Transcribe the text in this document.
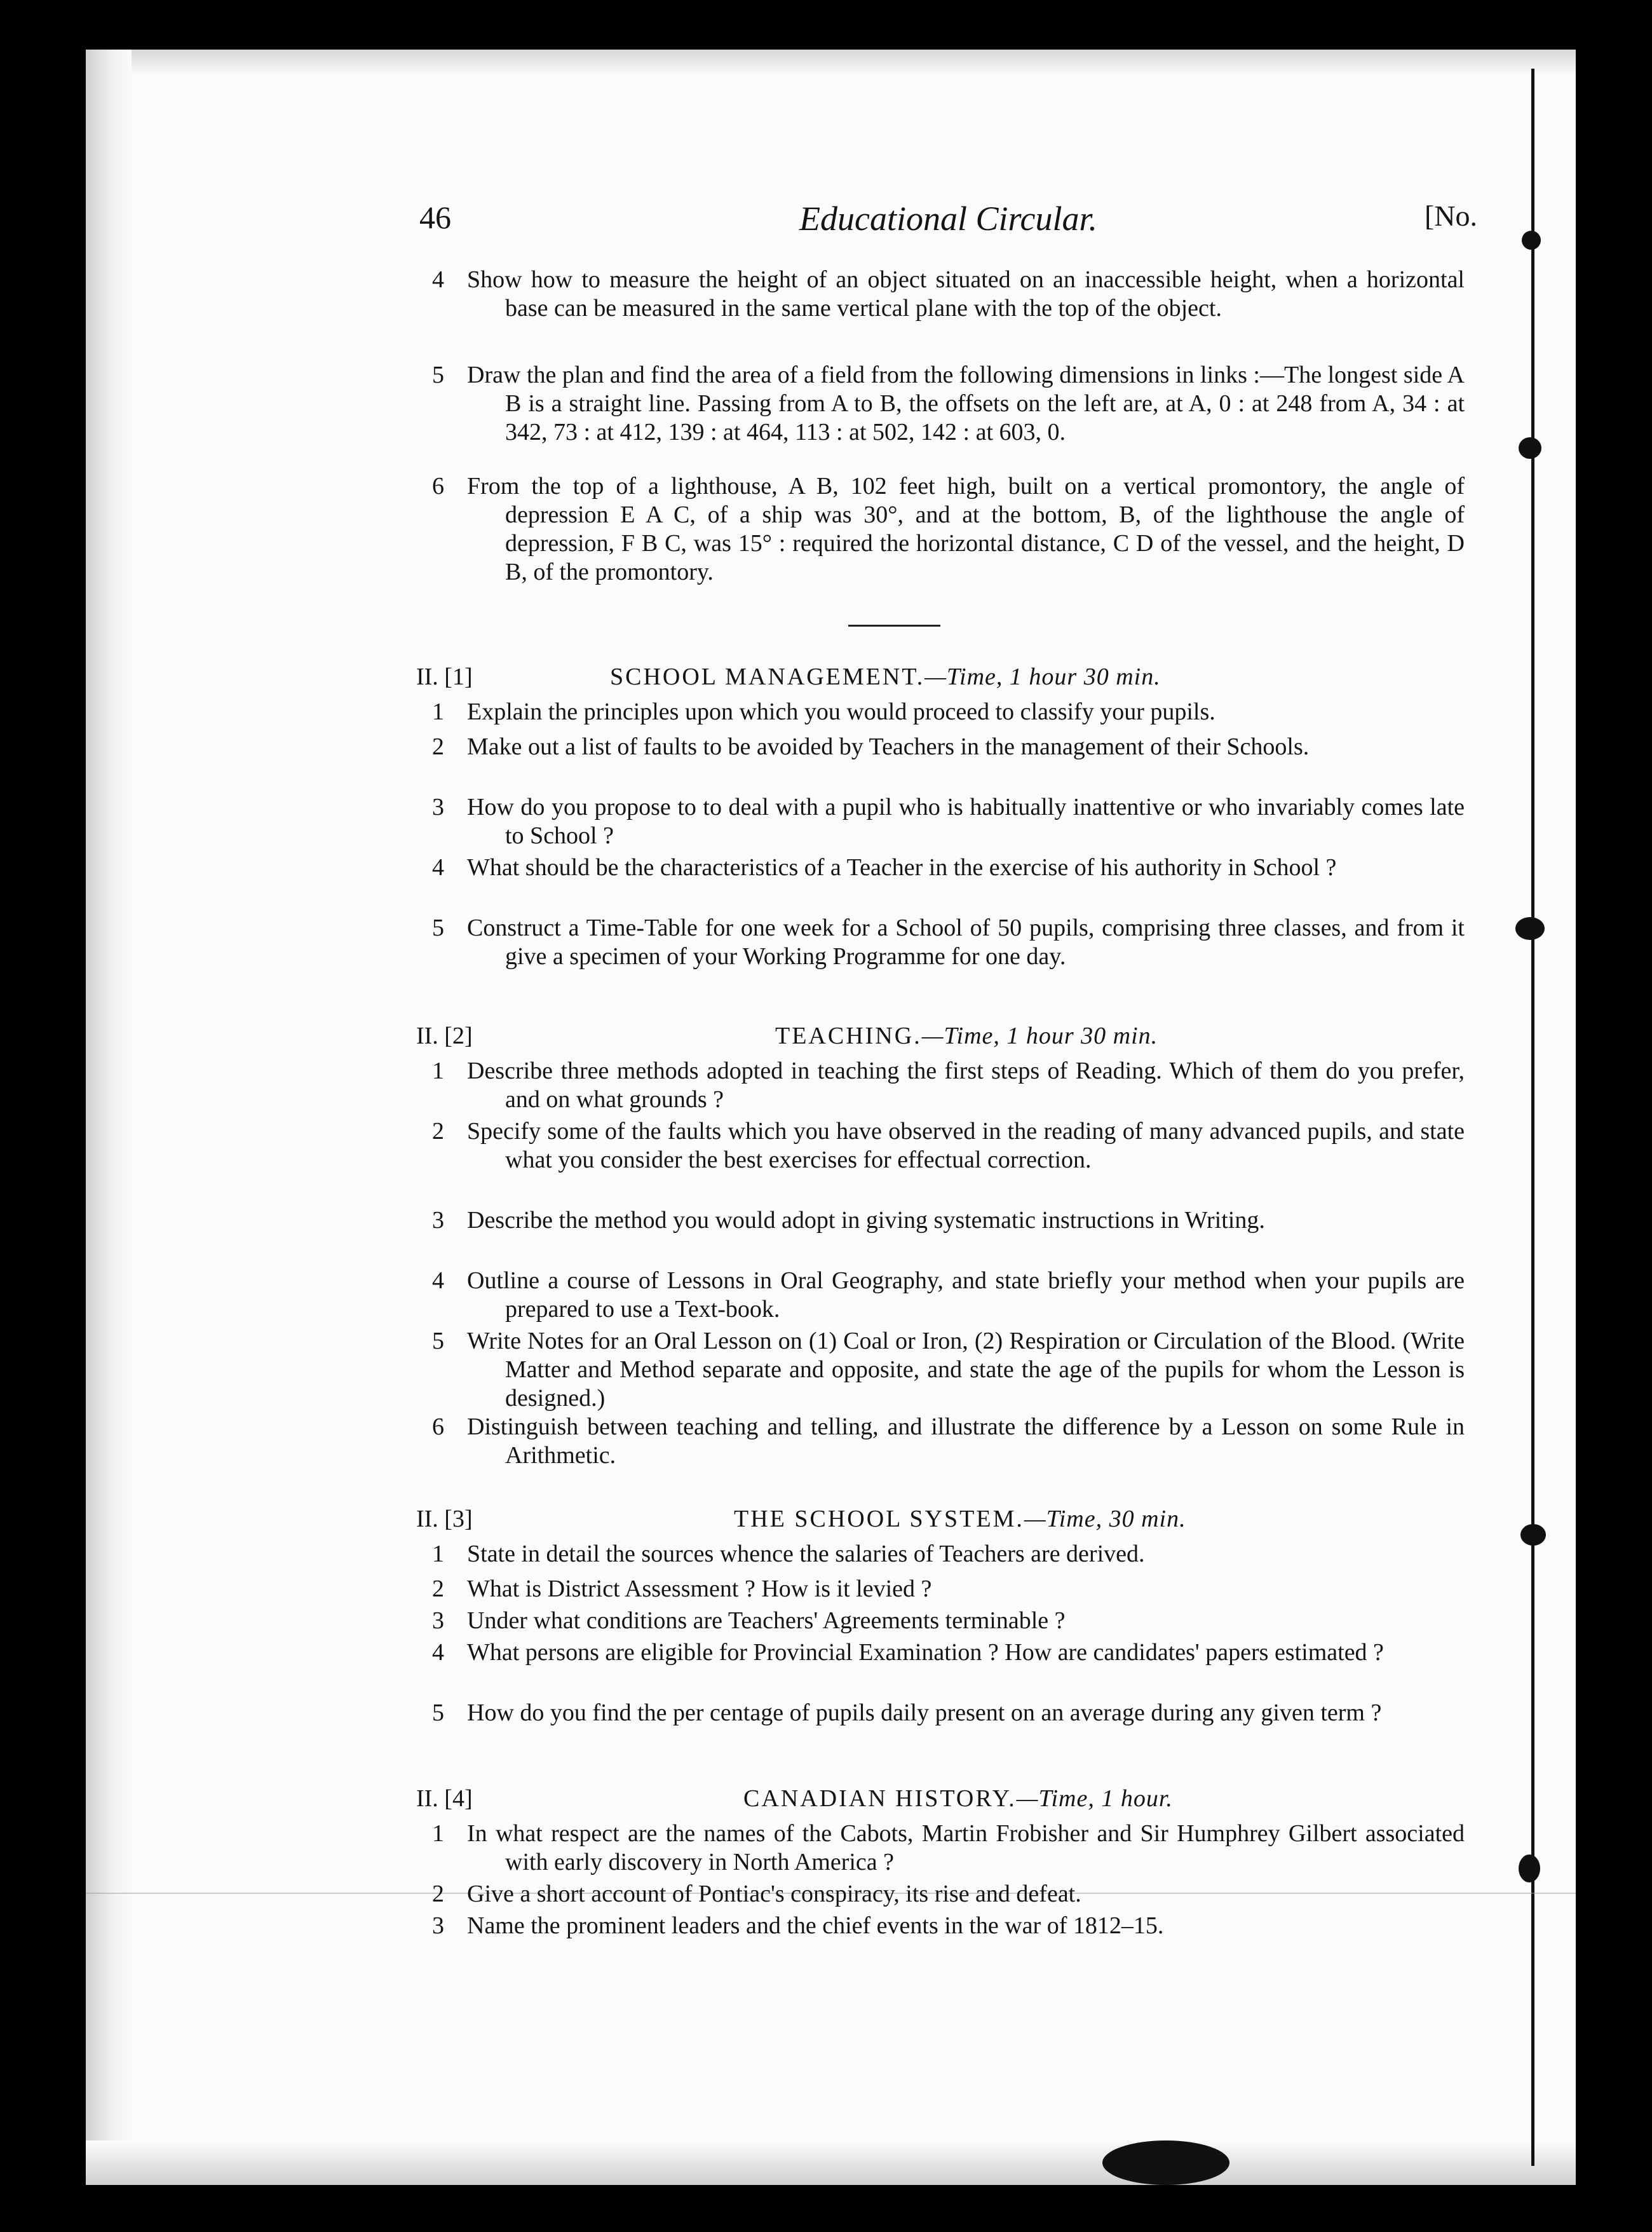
46	Educational Circular.	[No.
4 Show how to measure the height of an object situated on an inaccessible height, when a horizontal base can be measured in the same vertical plane with the top of the object.
5 Draw the plan and find the area of a field from the following dimensions in links :—The longest side A B is a straight line. Passing from A to B, the offsets on the left are, at A, 0 : at 248 from A, 34 : at 342, 73 : at 412, 139 : at 464, 113 : at 502, 142 : at 603, 0.
6 From the top of a lighthouse, A B, 102 feet high, built on a vertical promontory, the angle of depression E A C, of a ship was 30°, and at the bottom, B, of the lighthouse the angle of depression, F B C, was 15° : required the horizontal distance, C D of the vessel, and the height, D B, of the promontory.
II. [1]	SCHOOL MANAGEMENT.—Time, 1 hour 30 min.
1 Explain the principles upon which you would proceed to classify your pupils.
2 Make out a list of faults to be avoided by Teachers in the management of their Schools.
3 How do you propose to to deal with a pupil who is habitually inattentive or who invariably comes late to School ?
4 What should be the characteristics of a Teacher in the exercise of his authority in School ?
5 Construct a Time-Table for one week for a School of 50 pupils, comprising three classes, and from it give a specimen of your Working Programme for one day.
II. [2]	TEACHING.—Time, 1 hour 30 min.
1 Describe three methods adopted in teaching the first steps of Reading. Which of them do you prefer, and on what grounds ?
2 Specify some of the faults which you have observed in the reading of many advanced pupils, and state what you consider the best exercises for effectual correction.
3 Describe the method you would adopt in giving systematic instructions in Writing.
4 Outline a course of Lessons in Oral Geography, and state briefly your method when your pupils are prepared to use a Text-book.
5 Write Notes for an Oral Lesson on (1) Coal or Iron, (2) Respiration or Circulation of the Blood. (Write Matter and Method separate and opposite, and state the age of the pupils for whom the Lesson is designed.)
6 Distinguish between teaching and telling, and illustrate the difference by a Lesson on some Rule in Arithmetic.
II. [3]	THE SCHOOL SYSTEM.—Time, 30 min.
1 State in detail the sources whence the salaries of Teachers are derived.
2 What is District Assessment ? How is it levied ?
3 Under what conditions are Teachers' Agreements terminable ?
4 What persons are eligible for Provincial Examination ? How are candidates' papers estimated ?
5 How do you find the per centage of pupils daily present on an average during any given term ?
II. [4]	CANADIAN HISTORY.—Time, 1 hour.
1 In what respect are the names of the Cabots, Martin Frobisher and Sir Humphrey Gilbert associated with early discovery in North America ?
2 Give a short account of Pontiac's conspiracy, its rise and defeat.
3 Name the prominent leaders and the chief events in the war of 1812–15.
